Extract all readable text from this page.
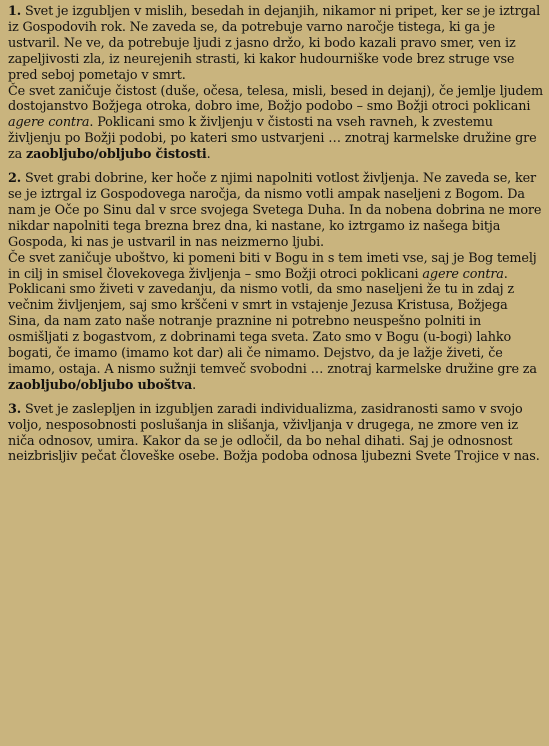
1. Svet je izgubljen v mislih, besedah in dejanjih, nikamor ni pripet, ker se je iztrgal iz Gospodovih rok. Ne zaveda se, da potrebuje varno naročje tistega, ki ga je ustvaril. Ne ve, da potrebuje ljudi z jasno držo, ki bodo kazali pravo smer, ven iz zapeljivosti zla, iz neurejenih strasti, ki kakor hudourniške vode brez struge vse pred seboj pometajo v smrt.

Če svet zaničuje čistost (duše, očesa, telesa, misli, besed in dejanj), če jemlje ljudem dostojanstvo Božjega otroka, dobro ime, Božjo podobo – smo Božji otroci poklicani agere contra. Poklicani smo k življenju v čistosti na vseh ravneh, k zvestemu življenju po Božji podobi, po kateri smo ustvarjeni … znotraj karmelske družine gre za zaobljubo/obljubo čistosti.

2. Svet grabi dobrine, ker hoče z njimi napolniti votlost življenja. Ne zaveda se, ker se je iztrgal iz Gospodovega naročja, da nismo votli ampak naseljeni z Bogom. Da nam je Oče po Sinu dal v srce svojega Svetega Duha. In da nobena dobrina ne more nikdar napolniti tega brezna brez dna, ki nastane, ko iztrgamo iz našega bitja Gospoda, ki nas je ustvaril in nas neizmerno ljubi.

Če svet zaničuje uboštvo, ki pomeni biti v Bogu in s tem imeti vse, saj je Bog temelj in cilj in smisel človekovega življenja – smo Božji otroci poklicani agere contra. Poklicani smo živeti v zavedanju, da nismo votli, da smo naseljeni že tu in zdaj z večnim življenjem, saj smo krščeni v smrt in vstajenje Jezusa Kristusa, Božjega Sina, da nam zato naše notranje praznine ni potrebno neuspešno polniti in osmišljati z bogastvom, z dobrinami tega sveta. Zato smo v Bogu (u-bogi) lahko bogati, če imamo (imamo kot dar) ali če nimamo. Dejstvo, da je lažje živeti, če imamo, ostaja. A nismo sužnji temveč svobodni … znotraj karmelske družine gre za zaobljubo/obljubo uboštva.

3. Svet je zaslepljen in izgubljen zaradi individualizma, zasidranosti samo v svojo voljo, nesposobnosti poslušanja in slišanja, vživljanja v drugega, ne zmore ven iz niča odnosov, umira. Kakor da se je odločil, da bo nehal dihati. Saj je odnosnost neizbrisljiv pečat človeške osebe. Božja podoba odnosa ljubezni Svete Trojice v nas.
